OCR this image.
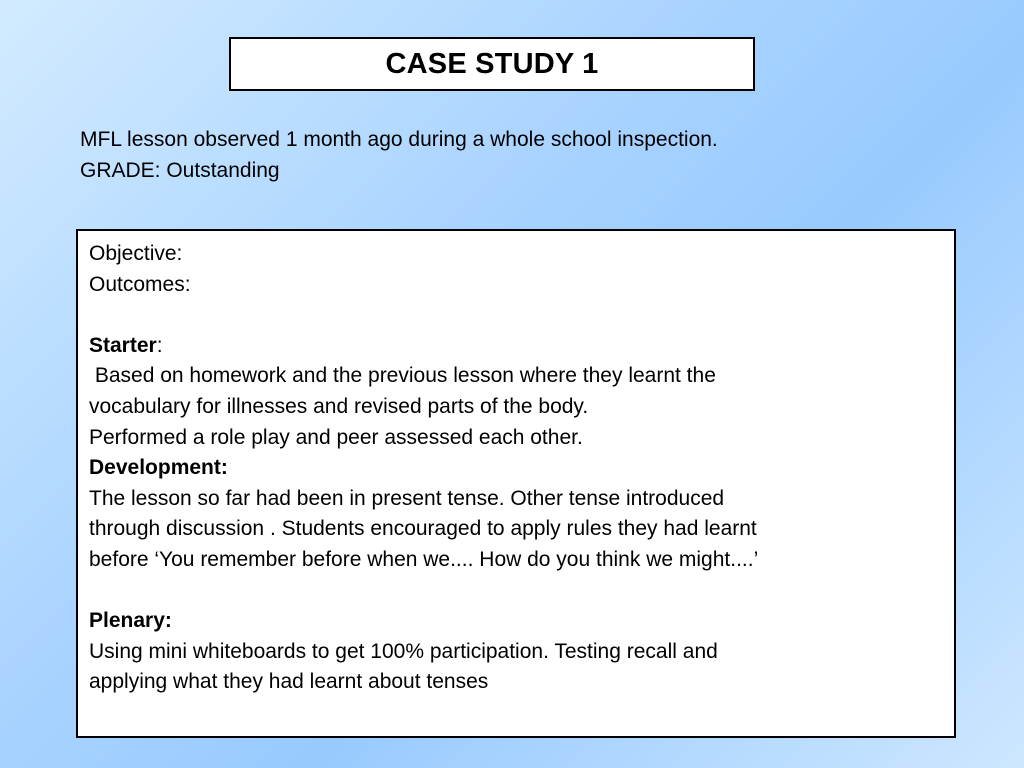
CASE STUDY 1
MFL lesson observed 1 month ago during a whole school inspection.
GRADE: Outstanding
Objective:
Outcomes:
Starter:
Based on homework and the previous lesson where they learnt the
vocabulary for illnesses and revised parts of the body.
Performed a role play and peer assessed each other.
Development:
The lesson so far had been in present tense. Other tense introduced
through discussion . Students encouraged to apply rules they had learnt
before ‘You remember before when we.... How do you think we might....’
Plenary:
Using mini whiteboards to get 100% participation. Testing recall and
applying what they had learnt about tenses
